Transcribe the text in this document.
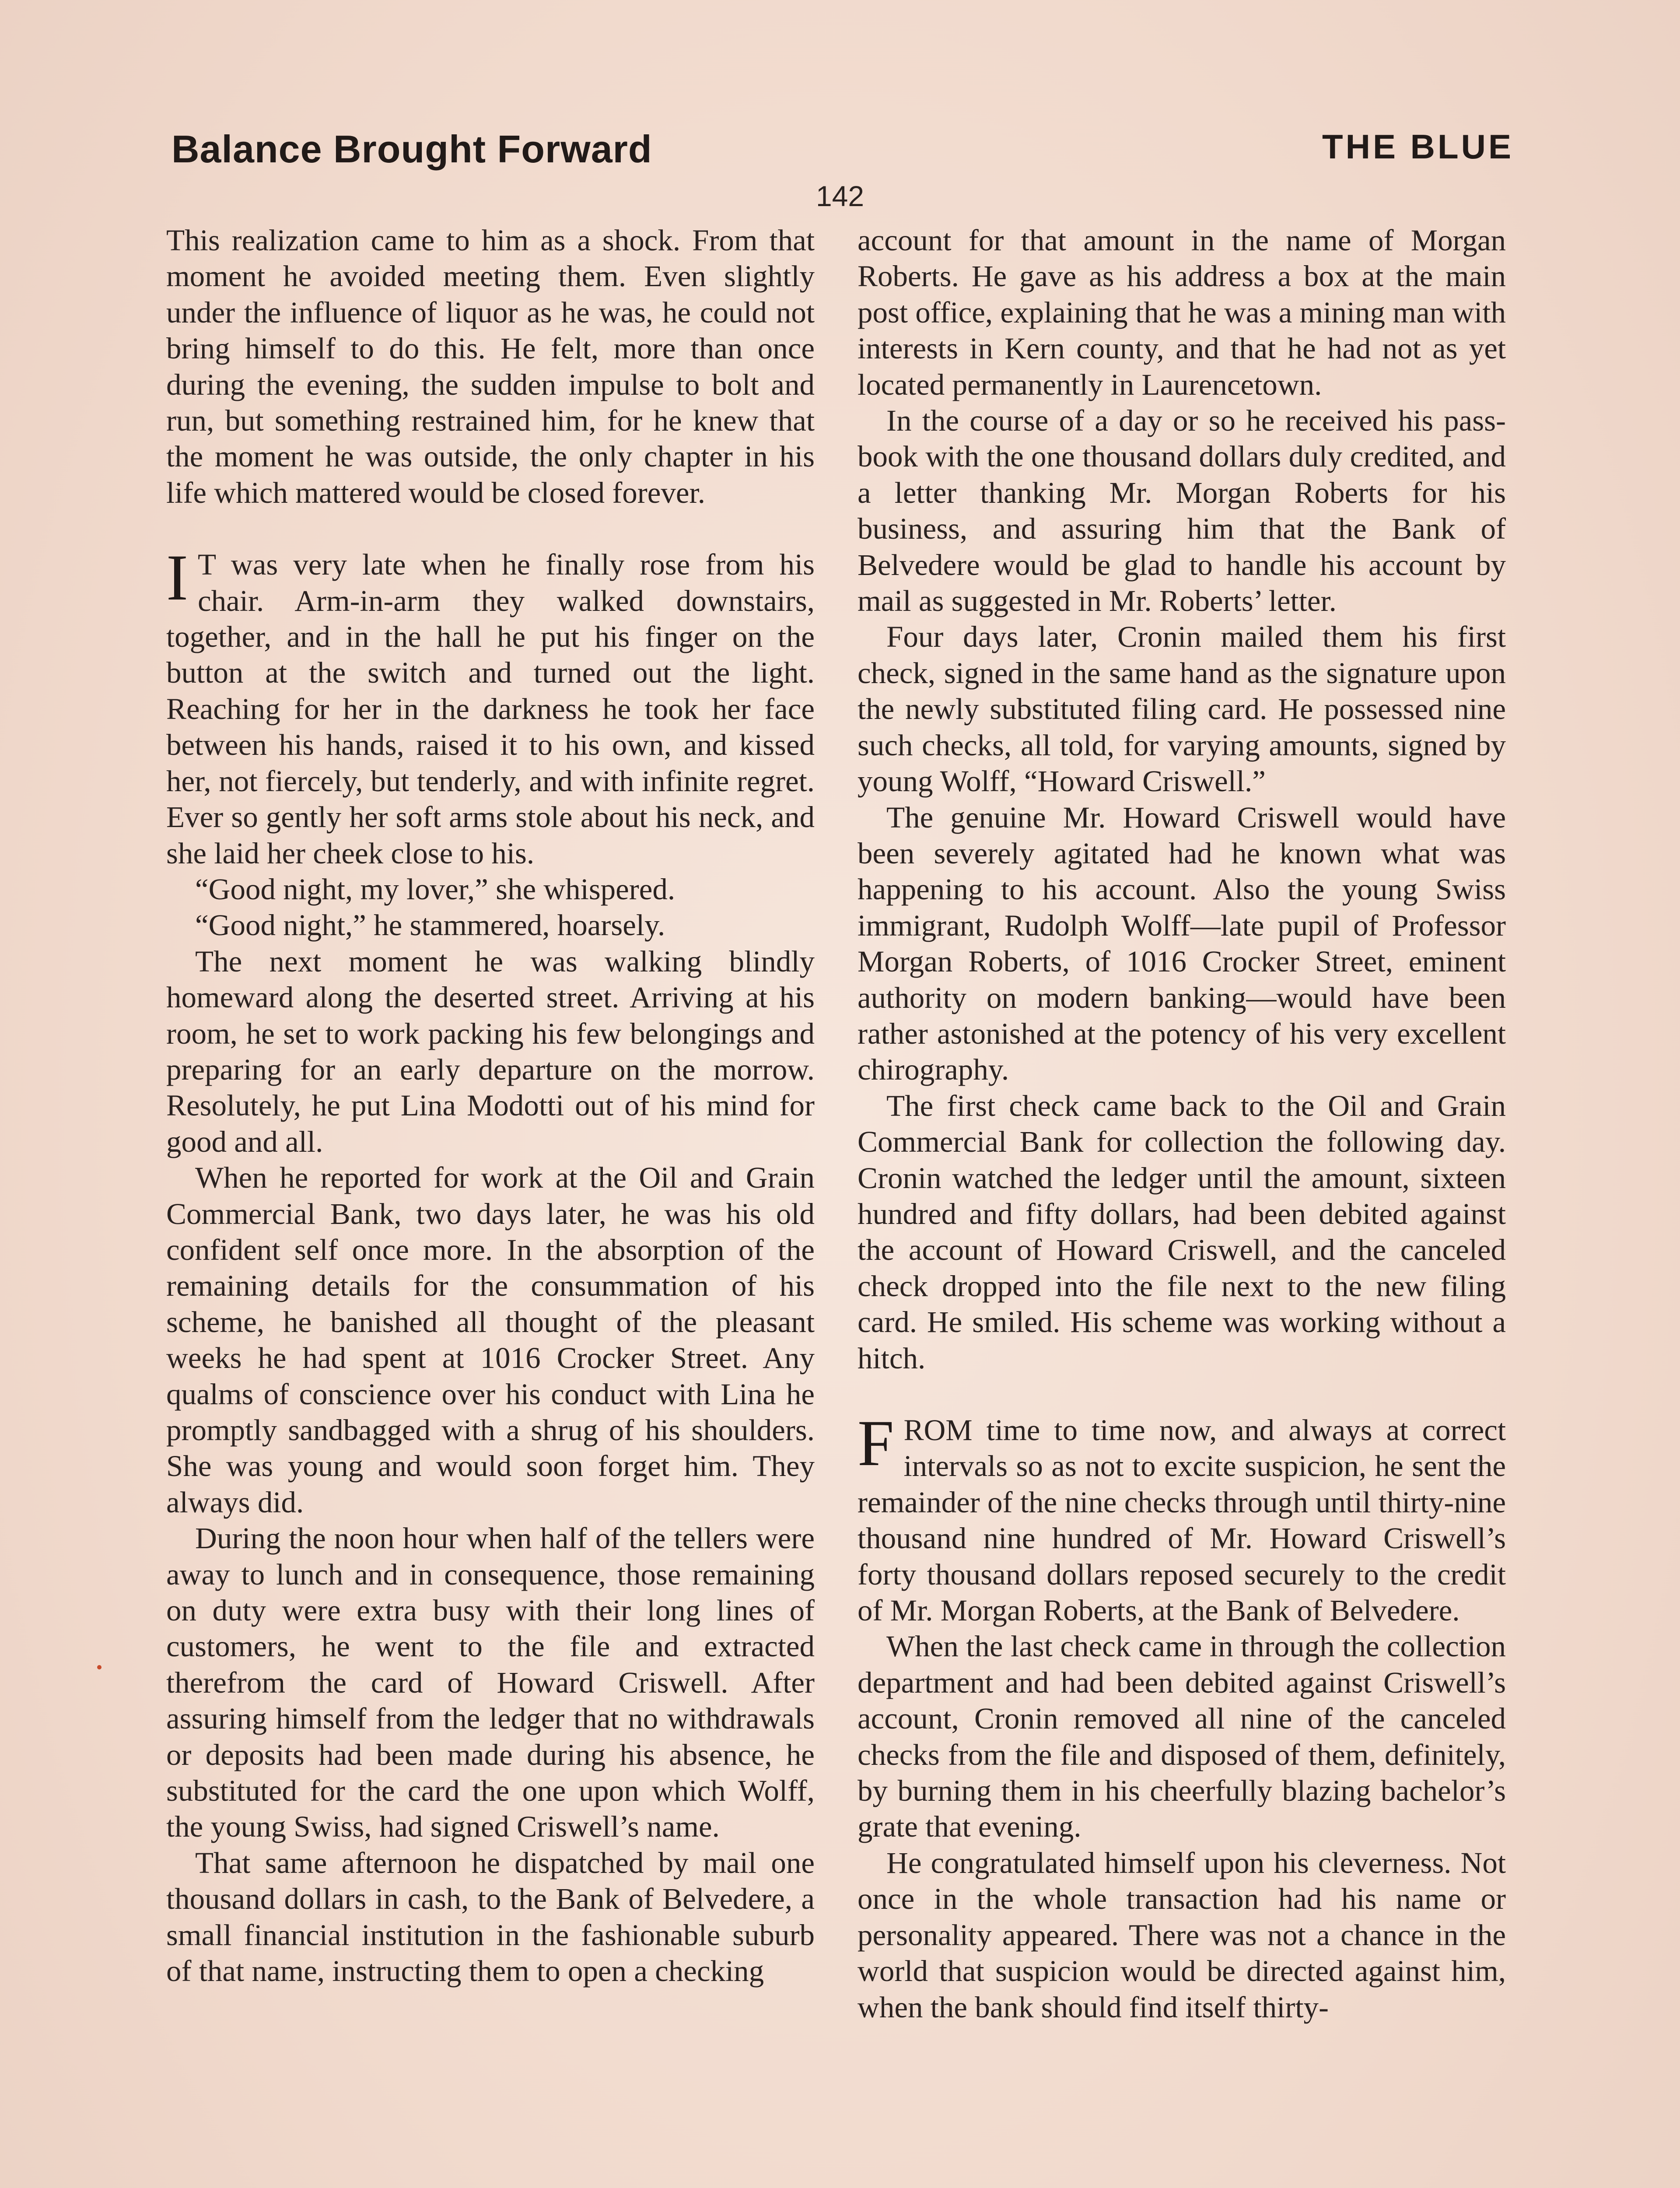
Balance Brought Forward	THE BLUE
142

This realization came to him as a shock. From that moment he avoided meeting them. Even slightly under the influence of liquor as he was, he could not bring himself to do this. He felt, more than once during the evening, the sudden impulse to bolt and run, but something restrained him, for he knew that the moment he was outside, the only chapter in his life which mattered would be closed forever.

I T was very late when he finally rose from his chair. Arm-in-arm they walked downstairs, together, and in the hall he put his finger on the button at the switch and turned out the light. Reaching for her in the darkness he took her face between his hands, raised it to his own, and kissed her, not fiercely, but tenderly, and with infinite regret. Ever so gently her soft arms stole about his neck, and she laid her cheek close to his.

“Good night, my lover,” she whispered.

“Good night,” he stammered, hoarsely.

The next moment he was walking blindly homeward along the deserted street. Arriving at his room, he set to work packing his few belongings and preparing for an early departure on the morrow. Resolutely, he put Lina Modotti out of his mind for good and all.

When he reported for work at the Oil and Grain Commercial Bank, two days later, he was his old confident self once more. In the absorption of the remaining details for the consummation of his scheme, he banished all thought of the pleasant weeks he had spent at 1016 Crocker Street. Any qualms of conscience over his conduct with Lina he promptly sandbagged with a shrug of his shoulders. She was young and would soon forget him. They always did.

During the noon hour when half of the tellers were away to lunch and in consequence, those remaining on duty were extra busy with their long lines of customers, he went to the file and extracted therefrom the card of Howard Criswell. After assuring himself from the ledger that no withdrawals or deposits had been made during his absence, he substituted for the card the one upon which Wolff, the young Swiss, had signed Criswell’s name.

That same afternoon he dispatched by mail one thousand dollars in cash, to the Bank of Belvedere, a small financial institution in the fashionable suburb of that name, instructing them to open a checking

account for that amount in the name of Morgan Roberts. He gave as his address a box at the main post office, explaining that he was a mining man with interests in Kern county, and that he had not as yet located permanently in Laurencetown.

In the course of a day or so he received his pass-book with the one thousand dollars duly credited, and a letter thanking Mr. Morgan Roberts for his business, and assuring him that the Bank of Belvedere would be glad to handle his account by mail as suggested in Mr. Roberts’ letter.

Four days later, Cronin mailed them his first check, signed in the same hand as the signature upon the newly substituted filing card. He possessed nine such checks, all told, for varying amounts, signed by young Wolff, “Howard Criswell.”

The genuine Mr. Howard Criswell would have been severely agitated had he known what was happening to his account. Also the young Swiss immigrant, Rudolph Wolff—late pupil of Professor Morgan Roberts, of 1016 Crocker Street, eminent authority on modern banking—would have been rather astonished at the potency of his very excellent chirography.

The first check came back to the Oil and Grain Commercial Bank for collection the following day. Cronin watched the ledger until the amount, sixteen hundred and fifty dollars, had been debited against the account of Howard Criswell, and the canceled check dropped into the file next to the new filing card. He smiled. His scheme was working without a hitch.

FROM time to time now, and always at correct intervals so as not to excite suspicion, he sent the remainder of the nine checks through until thirty-nine thousand nine hundred of Mr. Howard Criswell’s forty thousand dollars reposed securely to the credit of Mr. Morgan Roberts, at the Bank of Belvedere.

When the last check came in through the collection department and had been debited against Criswell’s account, Cronin removed all nine of the canceled checks from the file and disposed of them, definitely, by burning them in his cheerfully blazing bachelor’s grate that evening.

He congratulated himself upon his cleverness. Not once in the whole transaction had his name or personality appeared. There was not a chance in the world that suspicion would be directed against him, when the bank should find itself thirty-
